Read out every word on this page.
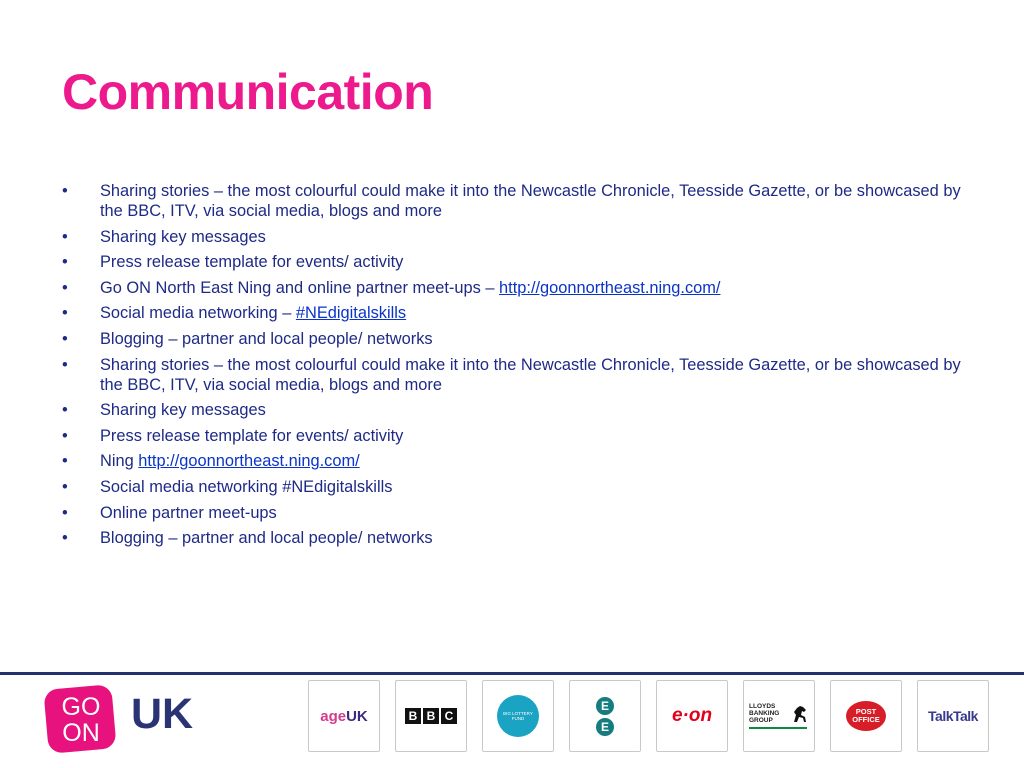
Communication
• Sharing stories – the most colourful could make it into the Newcastle Chronicle, Teesside Gazette, or be showcased by the BBC, ITV, via social media, blogs and more
• Sharing key messages
• Press release template for events/ activity
• Go ON North East Ning and online partner meet-ups – http://goonnortheast.ning.com/
• Social media networking – #NEdigitalskills
• Blogging – partner and local people/ networks
• Sharing stories – the most colourful could make it into the Newcastle Chronicle, Teesside Gazette, or be showcased by the BBC, ITV, via social media, blogs and more
• Sharing key messages
• Press release template for events/ activity
• Ning http://goonnortheast.ning.com/
• Social media networking #NEdigitalskills
• Online partner meet-ups
• Blogging – partner and local people/ networks
GO
ON UK	ageUK	B B C	BIG LOTTERY FUND
E
E
e·on	LLOYDS BANKING GROUP
POST OFFICE	TalkTalk
